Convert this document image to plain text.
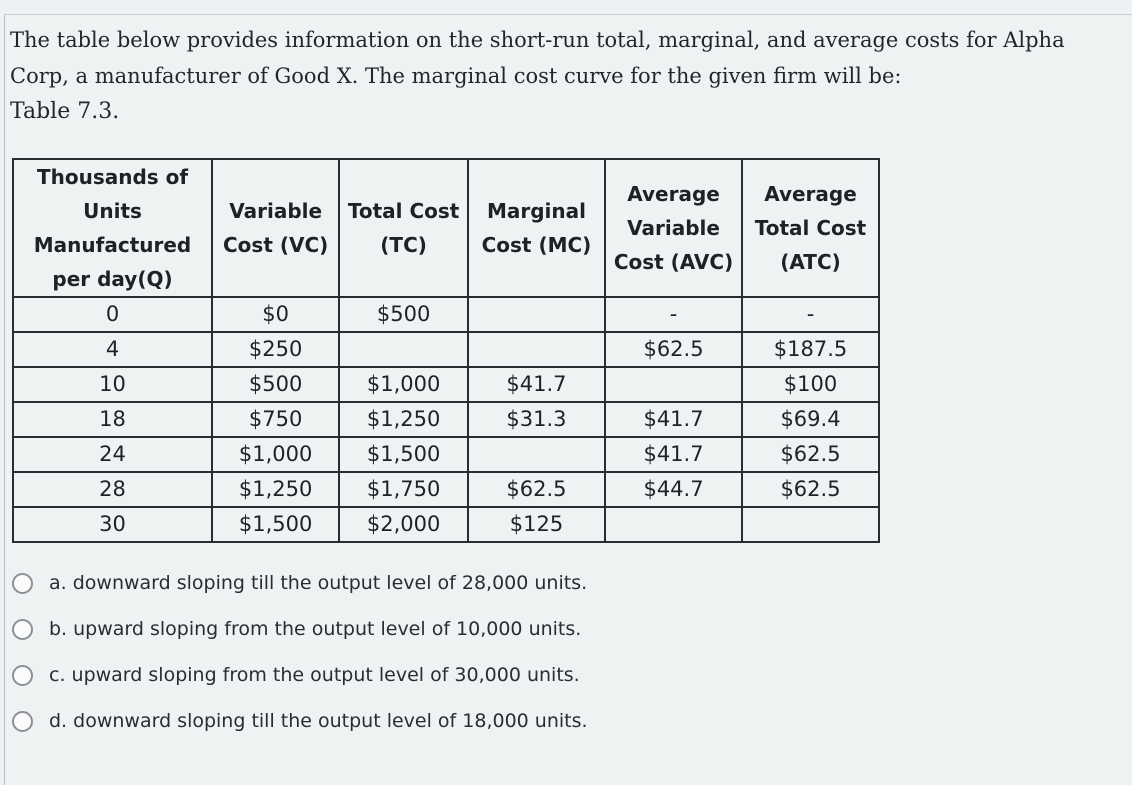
The table below provides information on the short-run total, marginal, and average costs for Alpha Corp, a manufacturer of Good X. The marginal cost curve for the given firm will be:
Table 7.3.
Thousands of Units Manufactured per day(Q)	Variable Cost (VC)	Total Cost (TC)	Marginal Cost (MC)	Average Variable Cost (AVC)	Average Total Cost (ATC)
0	$0	$500		-	-
4	$250			$62.5	$187.5
10	$500	$1,000	$41.7		$100
18	$750	$1,250	$31.3	$41.7	$69.4
24	$1,000	$1,500		$41.7	$62.5
28	$1,250	$1,750	$62.5	$44.7	$62.5
30	$1,500	$2,000	$125		
a. downward sloping till the output level of 28,000 units.
b. upward sloping from the output level of 10,000 units.
c. upward sloping from the output level of 30,000 units.
d. downward sloping till the output level of 18,000 units.
